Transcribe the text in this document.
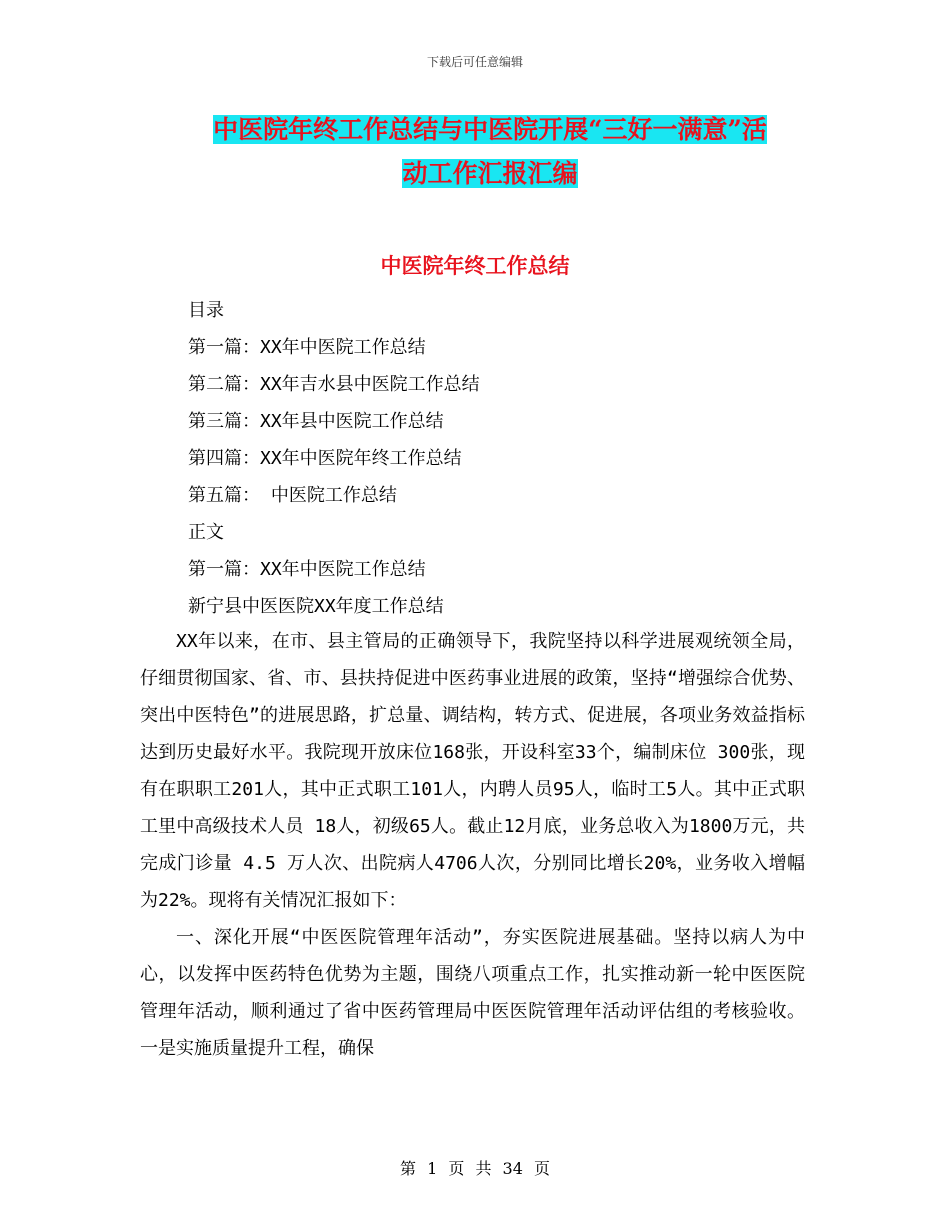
下载后可任意编辑
中医院年终工作总结与中医院开展“三好一满意”活
动工作汇报汇编
中医院年终工作总结
目录
第一篇：XX年中医院工作总结
第二篇：XX年吉水县中医院工作总结
第三篇：XX年县中医院工作总结
第四篇：XX年中医院年终工作总结
第五篇： 中医院工作总结
正文
第一篇：XX年中医院工作总结
新宁县中医医院XX年度工作总结

XX年以来，在市、县主管局的正确领导下，我院坚持以科学进展观统领全局，仔细贯彻国家、省、市、县扶持促进中医药事业进展的政策，坚持“增强综合优势、突出中医特色”的进展思路，扩总量、调结构，转方式、促进展，各项业务效益指标达到历史最好水平。我院现开放床位168张，开设科室33个，编制床位 300张，现有在职职工201人，其中正式职工101人，内聘人员95人，临时工5人。其中正式职工里中高级技术人员 18人，初级65人。截止12月底，业务总收入为1800万元，共完成门诊量 4.5 万人次、出院病人4706人次，分别同比增长20%，业务收入增幅为22%。现将有关情况汇报如下：

一、深化开展“中医医院管理年活动”，夯实医院进展基础。坚持以病人为中心，以发挥中医药特色优势为主题，围绕八项重点工作，扎实推动新一轮中医医院管理年活动，顺利通过了省中医药管理局中医医院管理年活动评估组的考核验收。一是实施质量提升工程，确保

第 1 页 共 34 页
